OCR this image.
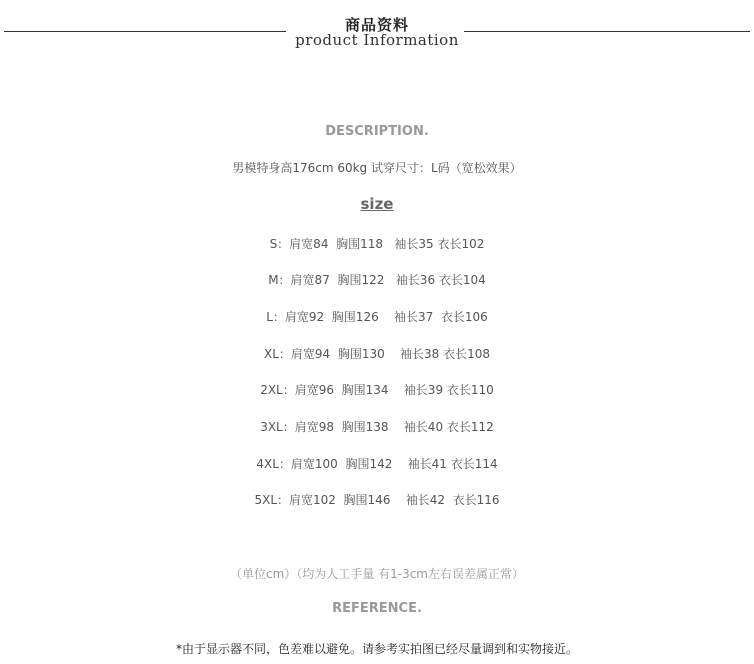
商品资料
product Information
DESCRIPTION.
男模特身高176cm 60kg 试穿尺寸：L码（宽松效果）
size
S：肩宽84  胸围118   袖长35 衣长102
M：肩宽87  胸围122   袖长36 衣长104
L：肩宽92  胸围126    袖长37  衣长106
XL：肩宽94  胸围130    袖长38 衣长108
2XL：肩宽96  胸围134    袖长39 衣长110
3XL：肩宽98  胸围138    袖长40 衣长112
4XL：肩宽100  胸围142    袖长41 衣长114
5XL：肩宽102  胸围146    袖长42  衣长116
（单位cm）（均为人工手量 有1-3cm左右误差属正常）
REFERENCE.
*由于显示器不同，色差难以避免。请参考实拍图已经尽量调到和实物接近。
